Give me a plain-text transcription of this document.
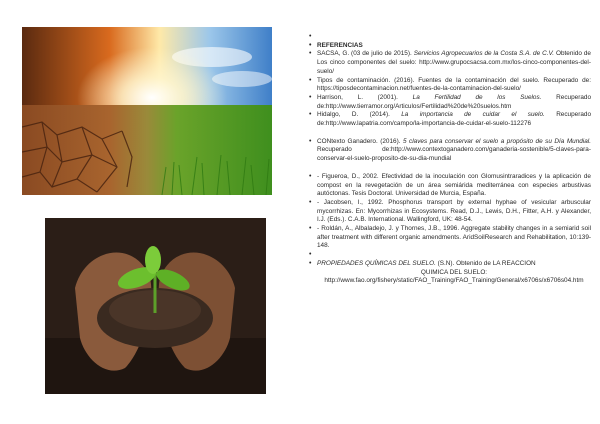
•
• REFERENCIAS
• SACSA, G. (03 de julio de 2015). Servicios Agropecuarios de la Costa S.A. de C.V. Obtenido de Los cinco componentes del suelo: http://www.grupocsacsa.com.mx/los-cinco-componentes-del-suelo/
• Tipos de contaminación. (2016). Fuentes de la contaminación del suelo. Recuperado de: https://tiposdecontaminacion.net/fuentes-de-la-contaminacion-del-suelo/
• Harrison, L. (2001). La Fertilidad de los Suelos. Recuperado de:http://www.tierramor.org/Articulos/Fertilidad%20de%20suelos.htm
• Hidalgo, D. (2014). La importancia de cuidar el suelo. Recuperado de:http://www.lapatria.com/campo/la-importancia-de-cuidar-el-suelo-112276
• CONtexto Ganadero. (2016). 5 claves para conservar el suelo a propósito de su Día Mundial. Recuperado de:http://www.contextoganadero.com/ganaderia-sostenible/5-claves-para-conservar-el-suelo-proposito-de-su-dia-mundial
• - Figueroa, D., 2002. Efectividad de la inoculación con Glomusintraradices y la aplicación de compost en la revegetación de un área semiárida mediterránea con especies arbustivas autóctonas. Tesis Doctoral. Universidad de Murcia, España.
• - Jacobsen, I., 1992. Phosphorus transport by external hyphae of vesicular arbuscular mycorrhizas. En: Mycorrhizas in Ecosystems. Read, D.J., Lewis, D.H., Fitter, A.H. y Alexander, I.J. (Eds.). C.A.B. International. Wallingford, UK: 48-54.
• - Roldán, A., Albaladejo, J. y Thornes, J.B., 1996. Aggregate stability changes in a semiarid soil after treatment with different organic amendments. AridSoilResearch and Rehabilitation, 10:139-148.
•
• PROPIEDADES QUÍMICAS DEL SUELO. (S.N). Obtenido de LA REACCION
QUIMICA DEL SUELO:
http://www.fao.org/fishery/static/FAO_Training/FAO_Training/General/x6706s/x6706s04.htm
